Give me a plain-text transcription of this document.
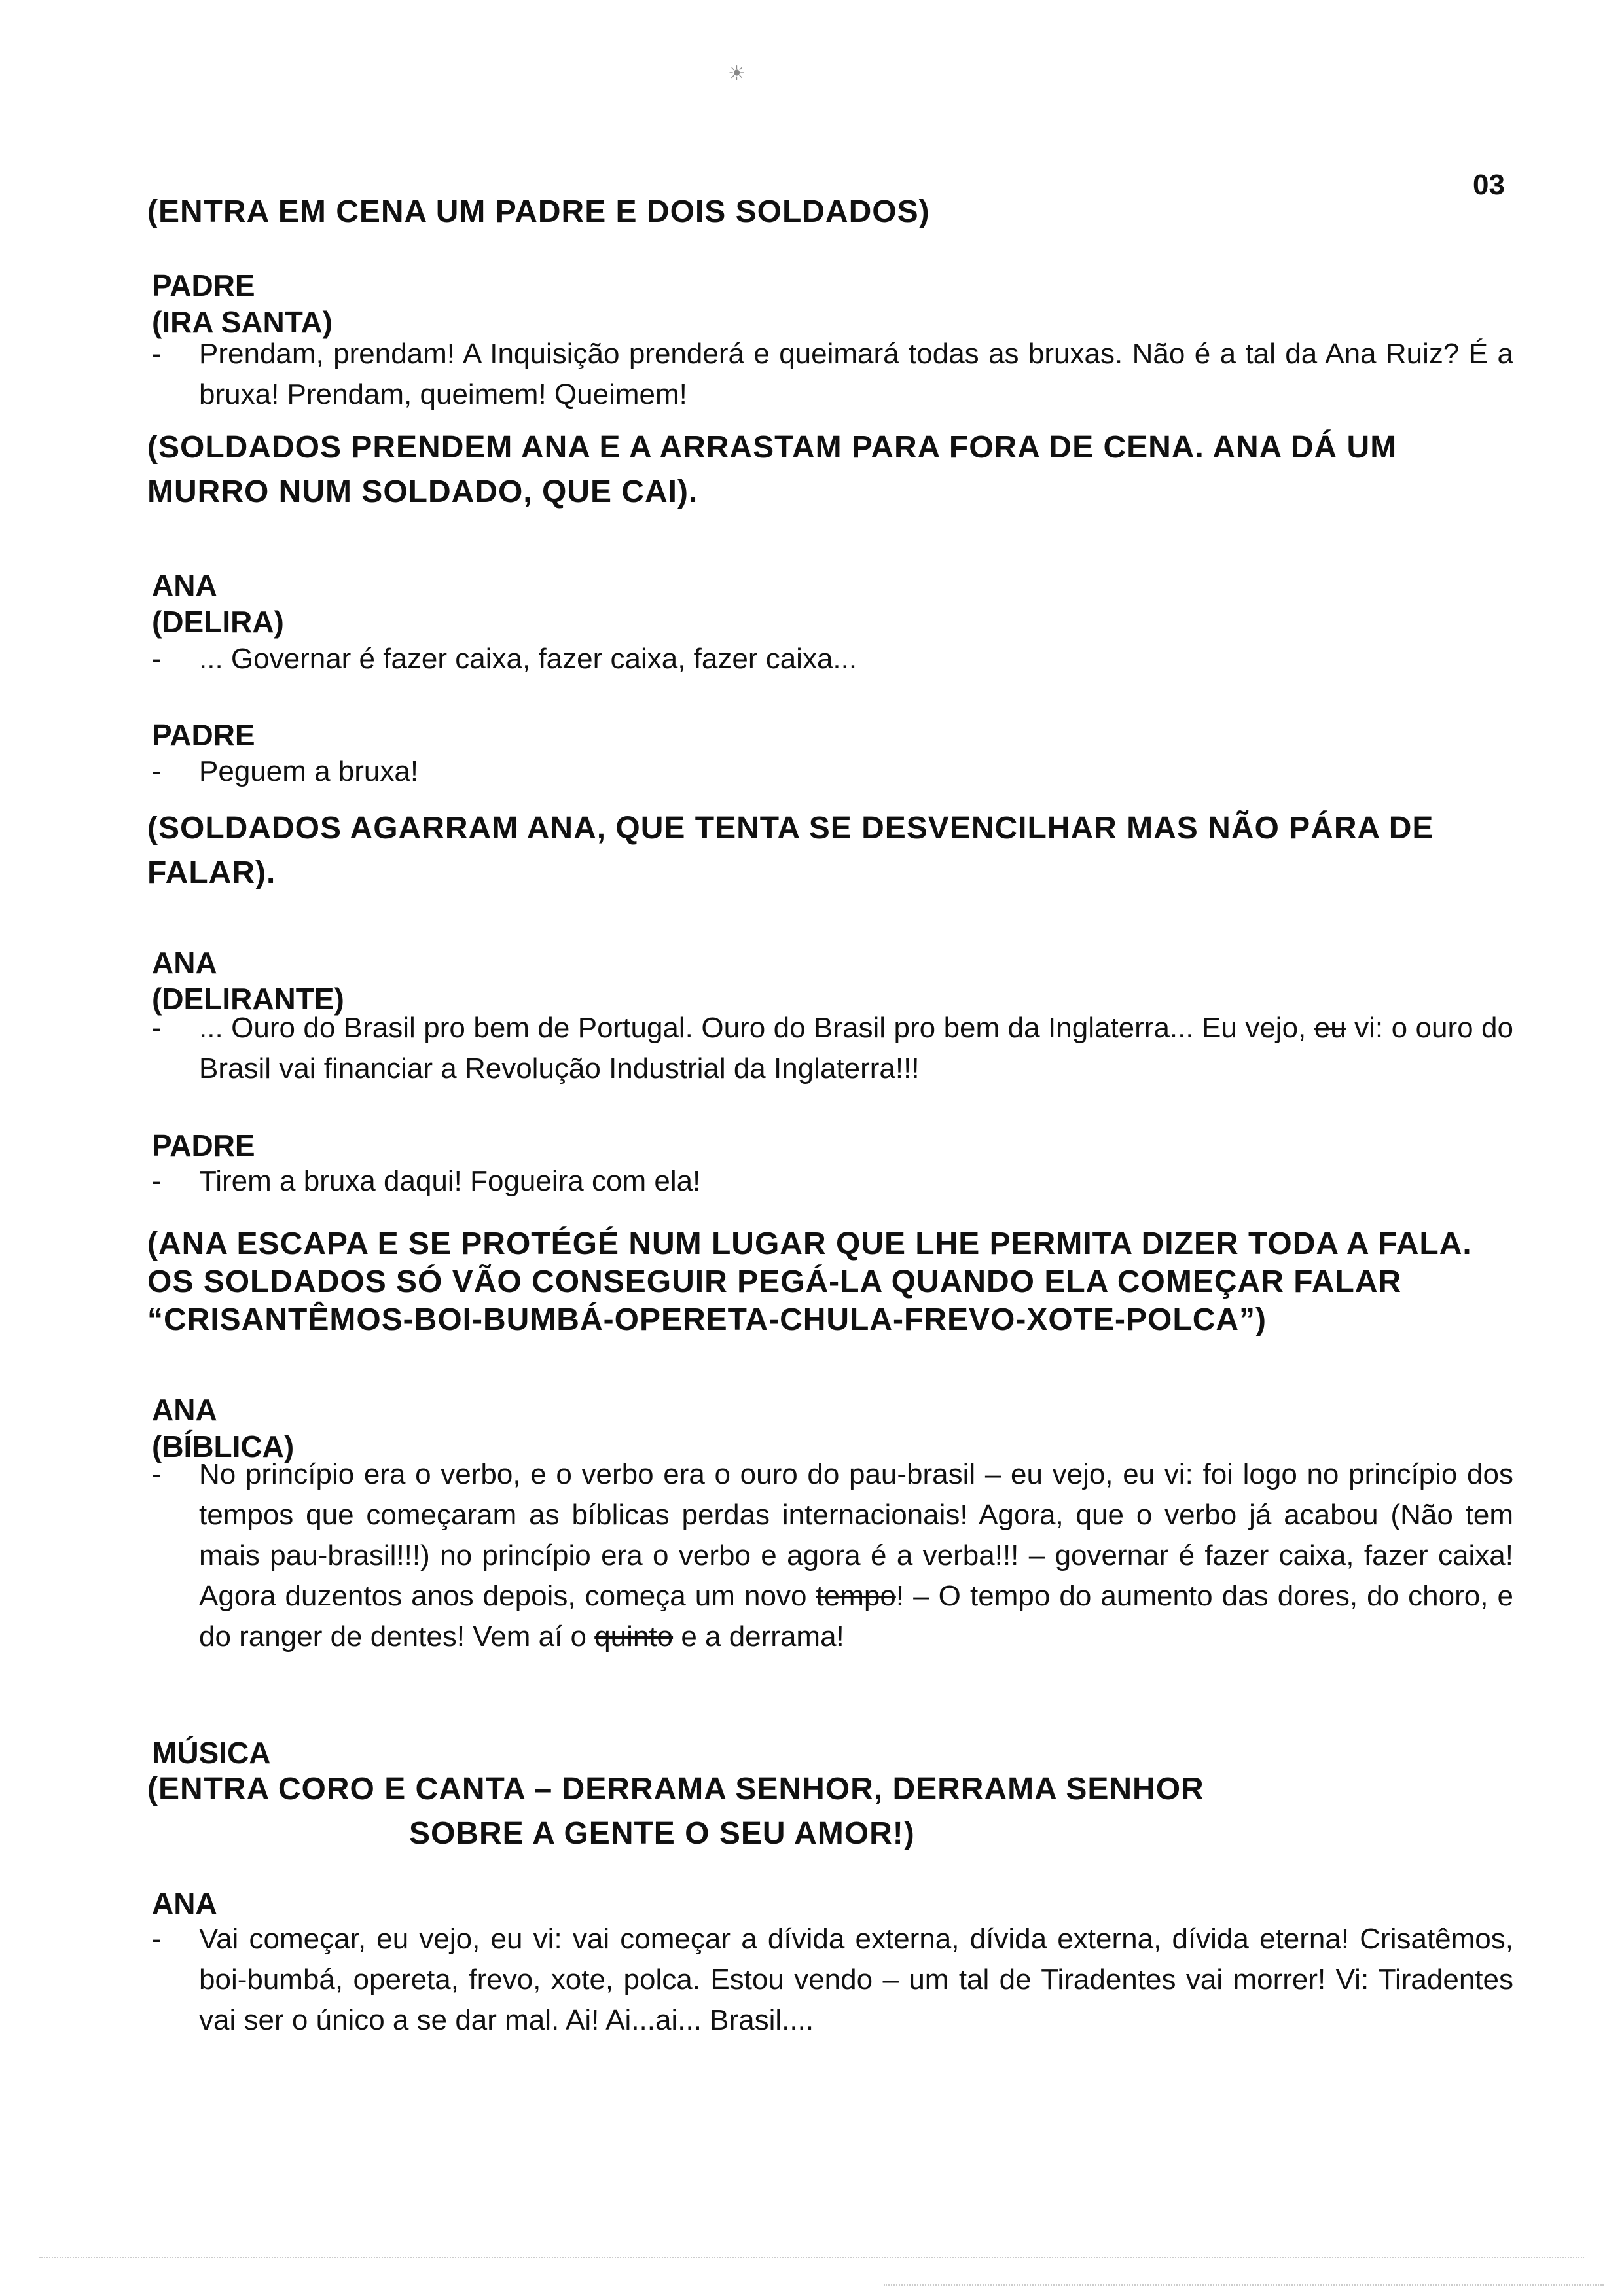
☀
03
(ENTRA EM CENA UM PADRE E DOIS SOLDADOS)
PADRE
(IRA SANTA)
- Prendam, prendam! A Inquisição prenderá e queimará todas as bruxas. Não é a tal da Ana Ruiz? É a bruxa! Prendam, queimem! Queimem!
(SOLDADOS PRENDEM ANA E A ARRASTAM PARA FORA DE CENA. ANA DÁ UM MURRO NUM SOLDADO, QUE CAI).
ANA
(DELIRA)
- ... Governar é fazer caixa, fazer caixa, fazer caixa...
PADRE
- Peguem a bruxa!
(SOLDADOS AGARRAM ANA, QUE TENTA SE DESVENCILHAR MAS NÃO PÁRA DE FALAR).
ANA
(DELIRANTE)
- ... Ouro do Brasil pro bem de Portugal. Ouro do Brasil pro bem da Inglaterra... Eu vejo, eu vi: o ouro do Brasil vai financiar a Revolução Industrial da Inglaterra!!!
PADRE
- Tirem a bruxa daqui! Fogueira com ela!
(ANA ESCAPA E SE PROTÉGÉ NUM LUGAR QUE LHE PERMITA DIZER TODA A FALA. OS SOLDADOS SÓ VÃO CONSEGUIR PEGÁ-LA QUANDO ELA COMEÇAR FALAR “CRISANTÊMOS-BOI-BUMBÁ-OPERETA-CHULA-FREVO-XOTE-POLCA”)
ANA
(BÍBLICA)
- No princípio era o verbo, e o verbo era o ouro do pau-brasil – eu vejo, eu vi: foi logo no princípio dos tempos que começaram as bíblicas perdas internacionais! Agora, que o verbo já acabou (Não tem mais pau-brasil!!!) no princípio era o verbo e agora é a verba!!! – governar é fazer caixa, fazer caixa! Agora duzentos anos depois, começa um novo tempo! – O tempo do aumento das dores, do choro, e do ranger de dentes! Vem aí o quinto e a derrama!
MÚSICA
(ENTRA CORO E CANTA – DERRAMA SENHOR, DERRAMA SENHOR
SOBRE A GENTE O SEU AMOR!)
ANA
- Vai começar, eu vejo, eu vi: vai começar a dívida externa, dívida externa, dívida eterna! Crisatêmos, boi-bumbá, opereta, frevo, xote, polca. Estou vendo – um tal de Tiradentes vai morrer! Vi: Tiradentes vai ser o único a se dar mal. Ai! Ai...ai... Brasil....
